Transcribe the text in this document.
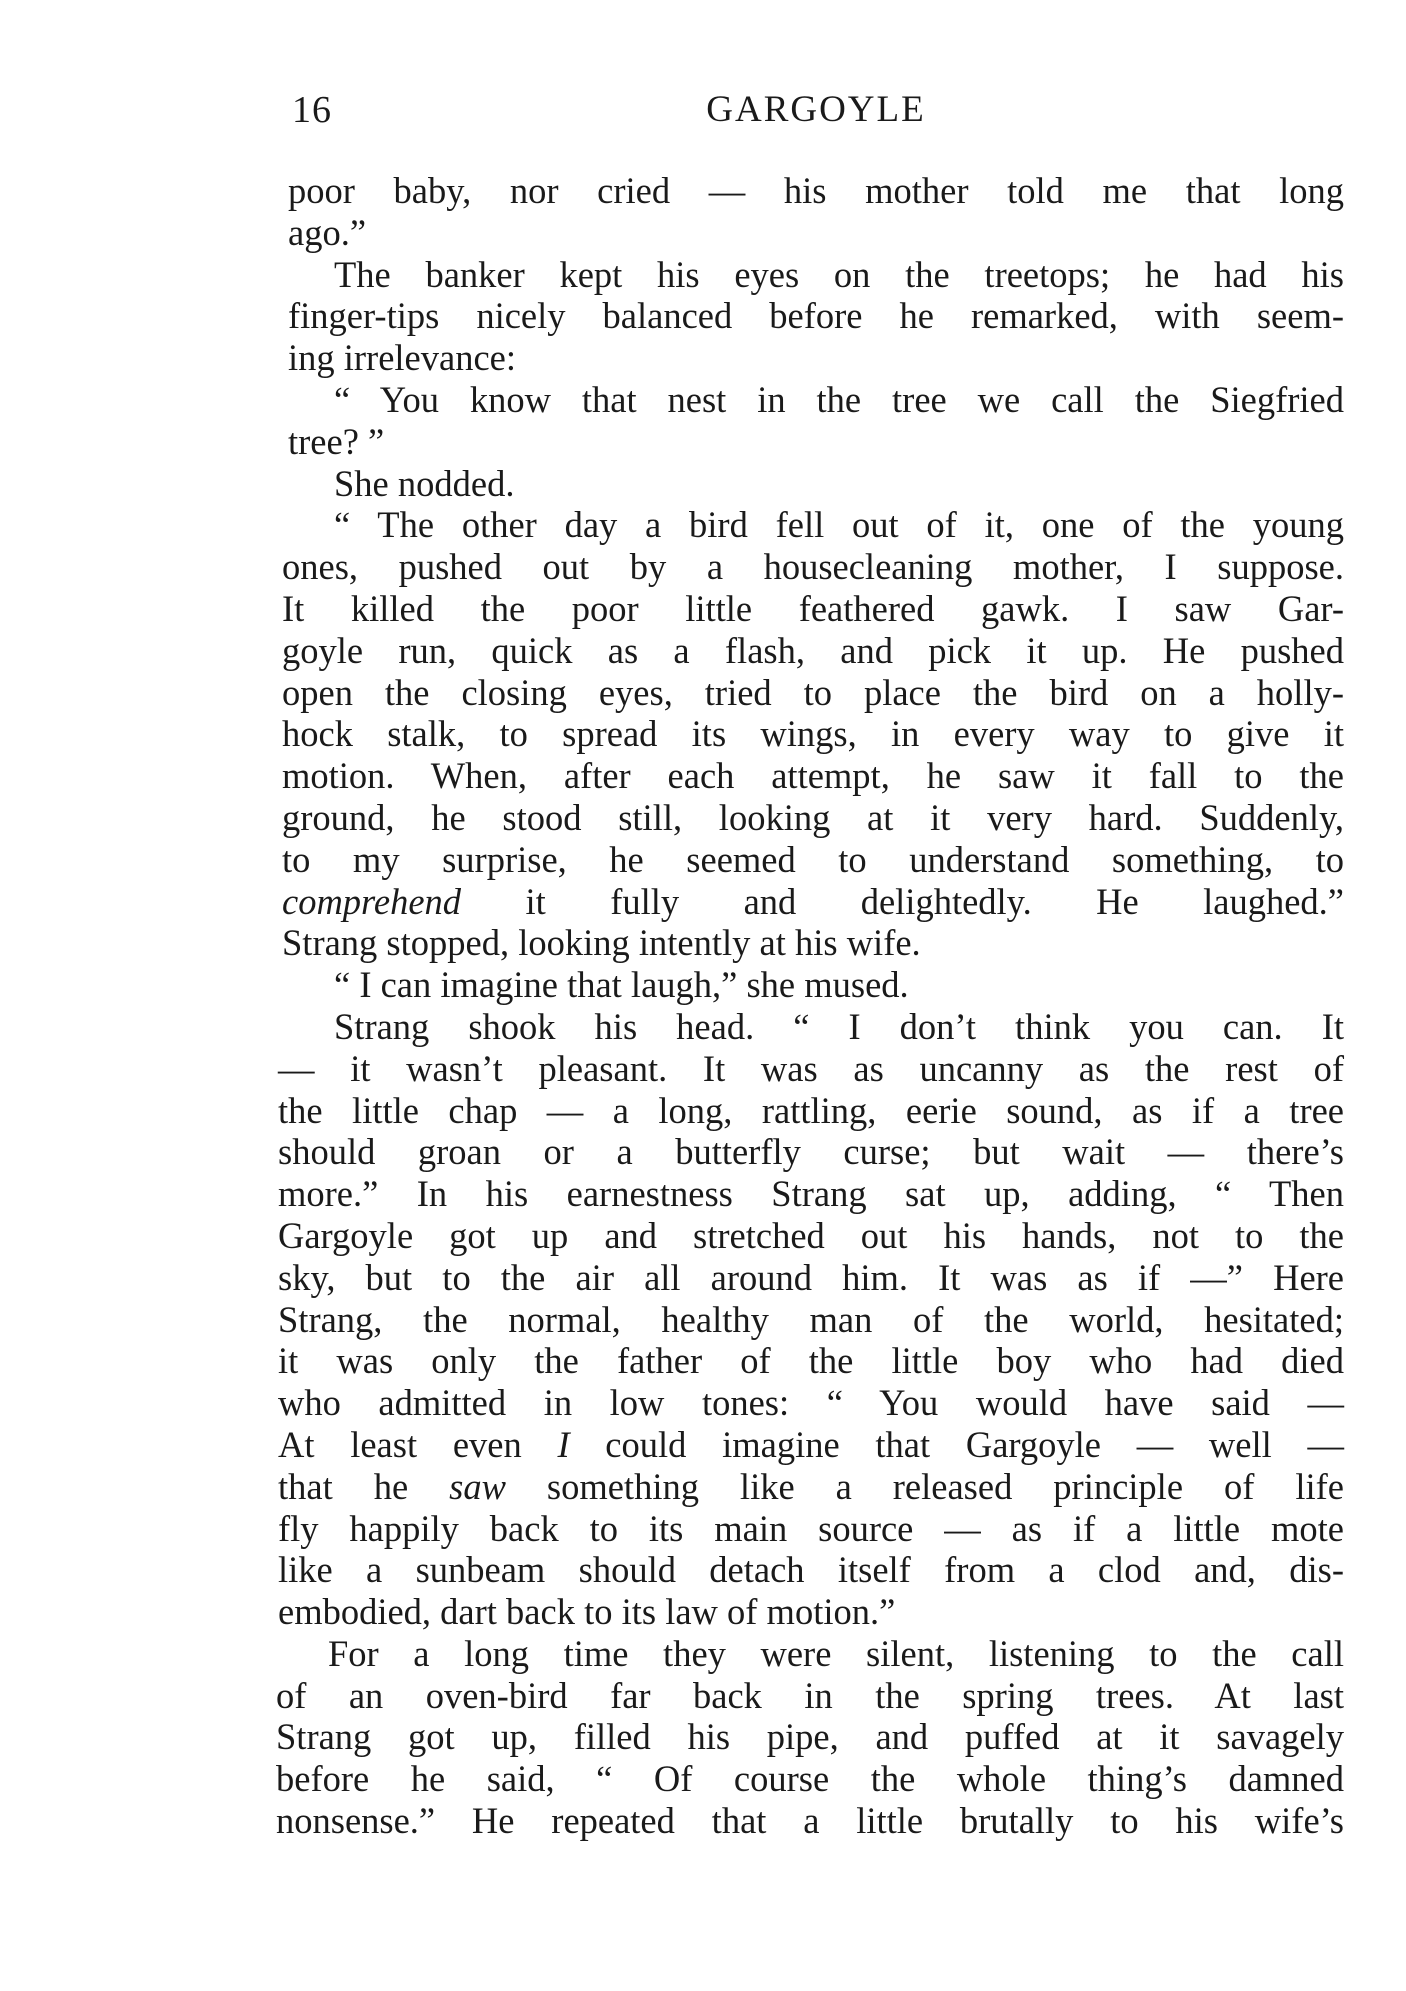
16	GARGOYLE
poor baby, nor cried — his mother told me that long
ago.”
The banker kept his eyes on the treetops; he had his
finger-tips nicely balanced before he remarked, with seem-
ing irrelevance:
“ You know that nest in the tree we call the Siegfried
tree? ”
She nodded.
“ The other day a bird fell out of it, one of the young
ones, pushed out by a housecleaning mother, I suppose.
It killed the poor little feathered gawk. I saw Gar-
goyle run, quick as a flash, and pick it up. He pushed
open the closing eyes, tried to place the bird on a holly-
hock stalk, to spread its wings, in every way to give it
motion. When, after each attempt, he saw it fall to the
ground, he stood still, looking at it very hard. Suddenly,
to my surprise, he seemed to understand something, to
comprehend it fully and delightedly. He laughed.”
Strang stopped, looking intently at his wife.
“ I can imagine that laugh,” she mused.
Strang shook his head. “ I don’t think you can. It
— it wasn’t pleasant. It was as uncanny as the rest of
the little chap — a long, rattling, eerie sound, as if a tree
should groan or a butterfly curse; but wait — there’s
more.” In his earnestness Strang sat up, adding, “ Then
Gargoyle got up and stretched out his hands, not to the
sky, but to the air all around him. It was as if —” Here
Strang, the normal, healthy man of the world, hesitated;
it was only the father of the little boy who had died
who admitted in low tones: “ You would have said —
At least even I could imagine that Gargoyle — well —
that he saw something like a released principle of life
fly happily back to its main source — as if a little mote
like a sunbeam should detach itself from a clod and, dis-
embodied, dart back to its law of motion.”
For a long time they were silent, listening to the call
of an oven-bird far back in the spring trees. At last
Strang got up, filled his pipe, and puffed at it savagely
before he said, “ Of course the whole thing’s damned
nonsense.” He repeated that a little brutally to his wife’s
